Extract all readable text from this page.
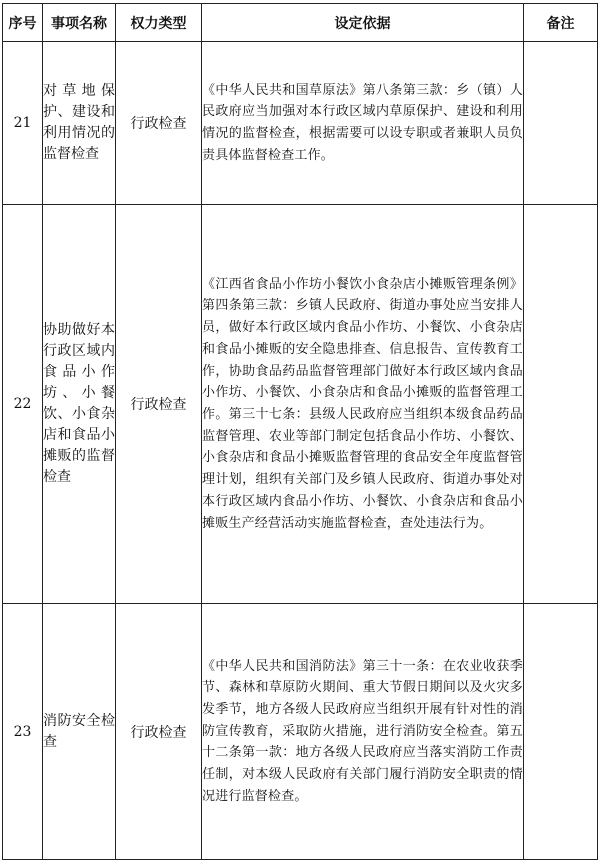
序号	事项名称	权力类型	设定依据	备注
21	对草地保护、建设和利用情况的监督检查	行政检查	《中华人民共和国草原法》第八条第三款：乡（镇）人民政府应当加强对本行政区域内草原保护、建设和利用情况的监督检查，根据需要可以设专职或者兼职人员负责具体监督检查工作。	
22	协助做好本行政区域内食品小作坊、小餐饮、小食杂店和食品小摊贩的监督检查	行政检查	《江西省食品小作坊小餐饮小食杂店小摊贩管理条例》第四条第三款：乡镇人民政府、街道办事处应当安排人员，做好本行政区域内食品小作坊、小餐饮、小食杂店和食品小摊贩的安全隐患排查、信息报告、宣传教育工作，协助食品药品监督管理部门做好本行政区域内食品小作坊、小餐饮、小食杂店和食品小摊贩的监督管理工作。第三十七条：县级人民政府应当组织本级食品药品监督管理、农业等部门制定包括食品小作坊、小餐饮、小食杂店和食品小摊贩监督管理的食品安全年度监督管理计划，组织有关部门及乡镇人民政府、街道办事处对本行政区域内食品小作坊、小餐饮、小食杂店和食品小摊贩生产经营活动实施监督检查，查处违法行为。	
23	消防安全检查	行政检查	《中华人民共和国消防法》第三十一条：在农业收获季节、森林和草原防火期间、重大节假日期间以及火灾多发季节，地方各级人民政府应当组织开展有针对性的消防宣传教育，采取防火措施，进行消防安全检查。第五十二条第一款：地方各级人民政府应当落实消防工作责任制，对本级人民政府有关部门履行消防安全职责的情况进行监督检查。	
